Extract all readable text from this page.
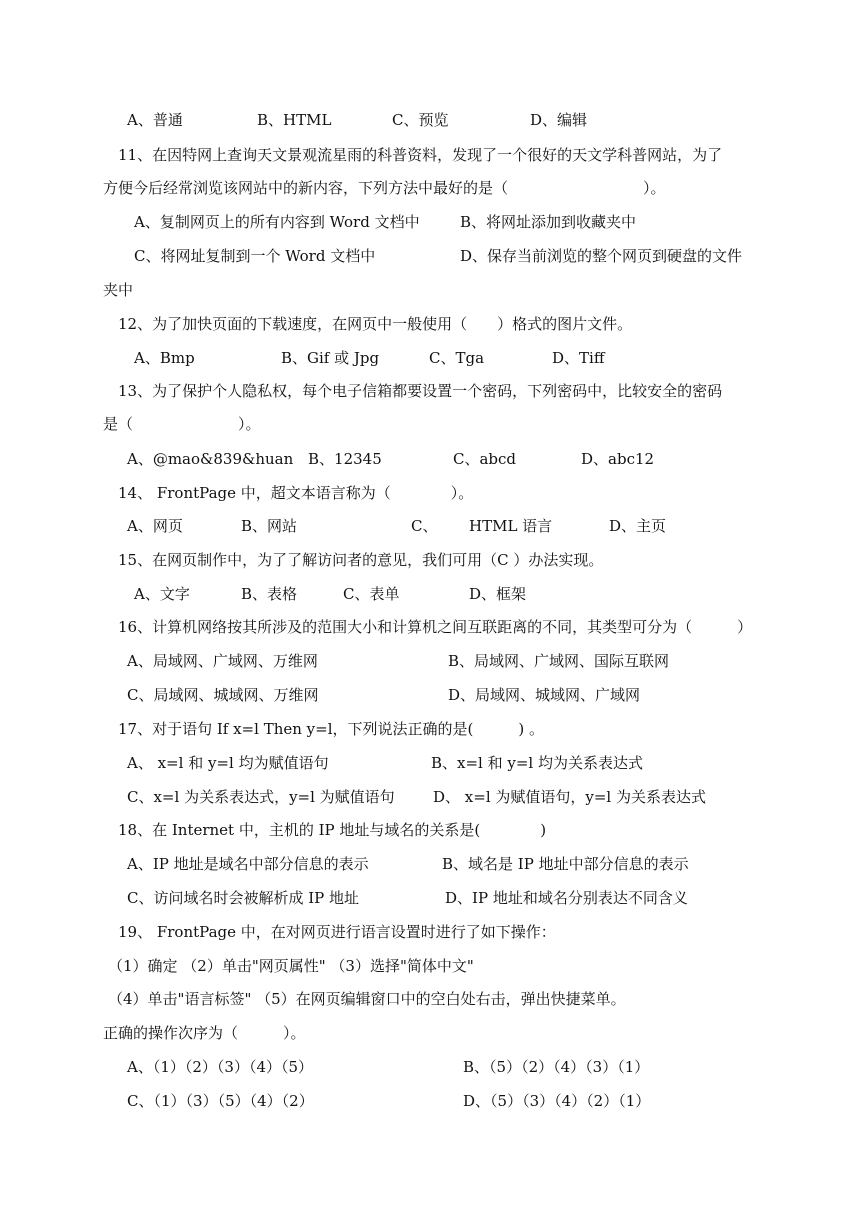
A、普通	B、HTML	C、预览	D、编辑
11、在因特网上查询天文景观流星雨的科普资料，发现了一个很好的天文学科普网站，为了
方便今后经常浏览该网站中的新内容，下列方法中最好的是（　　　　　　　　　）。
A、复制网页上的所有内容到 Word 文档中	B、将网址添加到收藏夹中
C、将网址复制到一个 Word 文档中	D、保存当前浏览的整个网页到硬盘的文件
夹中
12、为了加快页面的下载速度，在网页中一般使用（　　）格式的图片文件。
A、Bmp	B、Gif 或 Jpg	C、Tga	D、Tiff
13、为了保护个人隐私权，每个电子信箱都要设置一个密码，下列密码中，比较安全的密码
是（　　　　　　　）。
A、@mao&839&huan B、12345	C、abcd	D、abc12
14、 FrontPage 中，超文本语言称为（　　　　）。
A、网页	B、网站	C、 HTML 语言	D、主页
15、在网页制作中，为了了解访问者的意见，我们可用（C ）办法实现。
A、文字	B、表格	C、表单	D、框架
16、计算机网络按其所涉及的范围大小和计算机之间互联距离的不同，其类型可分为（　　　）
A、局域网、广域网、万维网	B、局域网、广域网、国际互联网
C、局域网、城域网、万维网	D、局域网、城域网、广域网
17、对于语句 If x=l Then y=l，下列说法正确的是(　　　) 。
A、 x=l 和 y=l 均为赋值语句	B、x=l 和 y=l 均为关系表达式
C、x=l 为关系表达式，y=l 为赋值语句	D、 x=l 为赋值语句，y=l 为关系表达式
18、在 Internet 中，主机的 IP 地址与域名的关系是(　　　　)
A、IP 地址是域名中部分信息的表示	B、域名是 IP 地址中部分信息的表示
C、访问域名时会被解析成 IP 地址	D、IP 地址和域名分别表达不同含义
19、 FrontPage 中，在对网页进行语言设置时进行了如下操作：
（1）确定 （2）单击"网页属性" （3）选择"简体中文"
（4）单击"语言标签" （5）在网页编辑窗口中的空白处右击，弹出快捷菜单。
正确的操作次序为（　　　）。
A、（1）（2）（3）（4）（5）	B、（5）（2）（4）（3）（1）
C、（1）（3）（5）（4）（2）	D、（5）（3）（4）（2）（1）
